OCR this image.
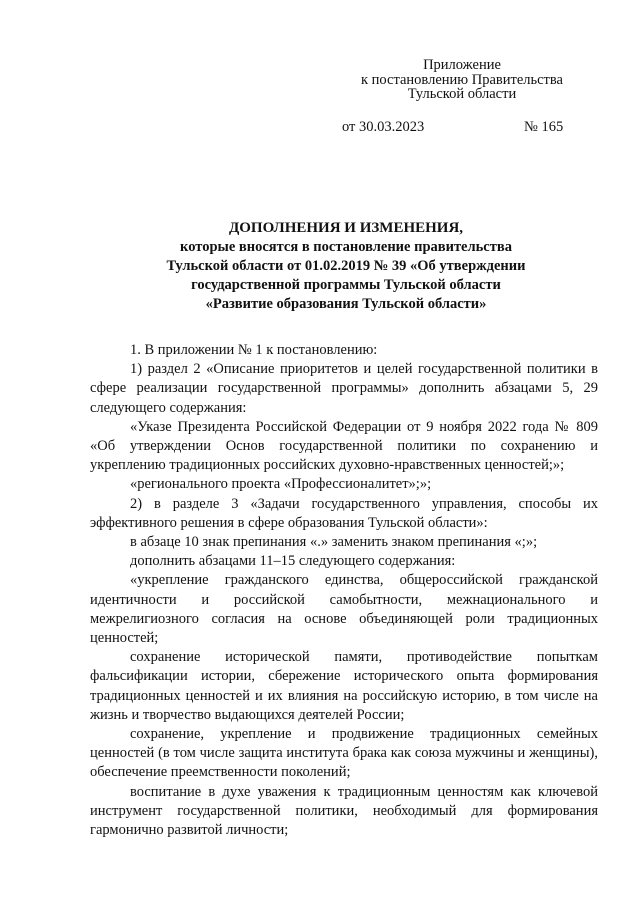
Приложение
к постановлению Правительства
Тульской области
от 30.03.2023	№ 165
ДОПОЛНЕНИЯ И ИЗМЕНЕНИЯ,
которые вносятся в постановление правительства
Тульской области от 01.02.2019 № 39 «Об утверждении
государственной программы Тульской области
«Развитие образования Тульской области»

1. В приложении № 1 к постановлению:

1) раздел 2 «Описание приоритетов и целей государственной политики в сфере реализации государственной программы» дополнить абзацами 5, 29 следующего содержания:

«Указе Президента Российской Федерации от 9 ноября 2022 года № 809 «Об утверждении Основ государственной политики по сохранению и укреплению традиционных российских духовно-нравственных ценностей;»;

«регионального проекта «Профессионалитет»;»;

2) в разделе 3 «Задачи государственного управления, способы их эффективного решения в сфере образования Тульской области»:

в абзаце 10 знак препинания «.» заменить знаком препинания «;»;

дополнить абзацами 11–15 следующего содержания:

«укрепление гражданского единства, общероссийской гражданской идентичности и российской самобытности, межнационального и межрелигиозного согласия на основе объединяющей роли традиционных ценностей;

сохранение исторической памяти, противодействие попыткам фальсификации истории, сбережение исторического опыта формирования традиционных ценностей и их влияния на российскую историю, в том числе на жизнь и творчество выдающихся деятелей России;

сохранение, укрепление и продвижение традиционных семейных ценностей (в том числе защита института брака как союза мужчины и женщины), обеспечение преемственности поколений;

воспитание в духе уважения к традиционным ценностям как ключевой инструмент государственной политики, необходимый для формирования гармонично развитой личности;
